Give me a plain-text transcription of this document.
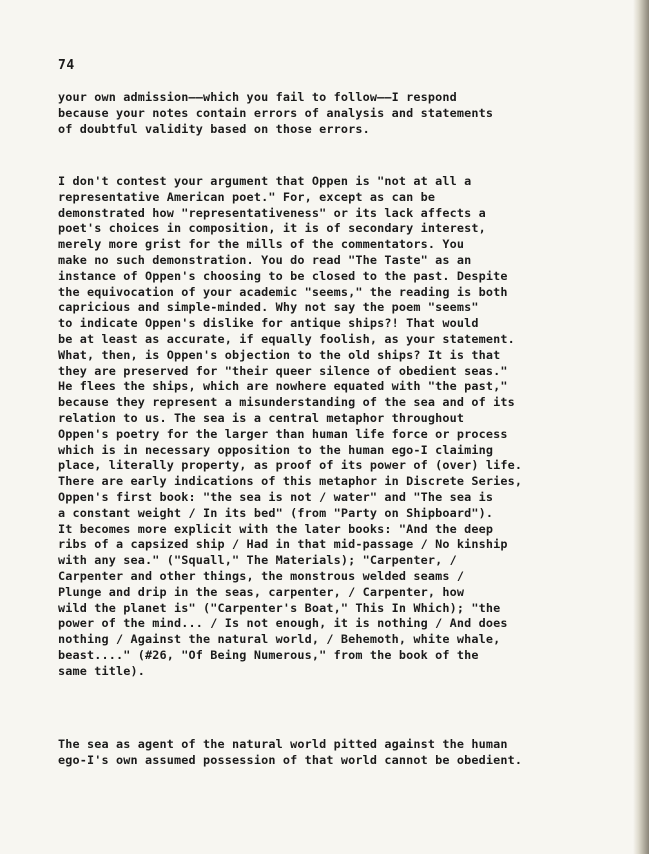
74

your own admission——which you fail to follow——I respond
because your notes contain errors of analysis and statements
of doubtful validity based on those errors.

I don't contest your argument that Oppen is "not at all a
representative American poet." For, except as can be
demonstrated how "representativeness" or its lack affects a
poet's choices in composition, it is of secondary interest,
merely more grist for the mills of the commentators. You
make no such demonstration. You do read "The Taste" as an
instance of Oppen's choosing to be closed to the past. Despite
the equivocation of your academic "seems," the reading is both
capricious and simple-minded. Why not say the poem "seems"
to indicate Oppen's dislike for antique ships?! That would
be at least as accurate, if equally foolish, as your statement.
What, then, is Oppen's objection to the old ships? It is that
they are preserved for "their queer silence of obedient seas."
He flees the ships, which are nowhere equated with "the past,"
because they represent a misunderstanding of the sea and of its
relation to us. The sea is a central metaphor throughout
Oppen's poetry for the larger than human life force or process
which is in necessary opposition to the human ego-I claiming
place, literally property, as proof of its power of (over) life.
There are early indications of this metaphor in Discrete Series,
Oppen's first book: "the sea is not / water" and "The sea is
a constant weight / In its bed" (from "Party on Shipboard").
It becomes more explicit with the later books: "And the deep
ribs of a capsized ship / Had in that mid-passage / No kinship
with any sea." ("Squall," The Materials); "Carpenter, /
Carpenter and other things, the monstrous welded seams /
Plunge and drip in the seas, carpenter, / Carpenter, how
wild the planet is" ("Carpenter's Boat," This In Which); "the
power of the mind... / Is not enough, it is nothing / And does
nothing / Against the natural world, / Behemoth, white whale,
beast...." (#26, "Of Being Numerous," from the book of the
same title).

The sea as agent of the natural world pitted against the human
ego-I's own assumed possession of that world cannot be obedient.
